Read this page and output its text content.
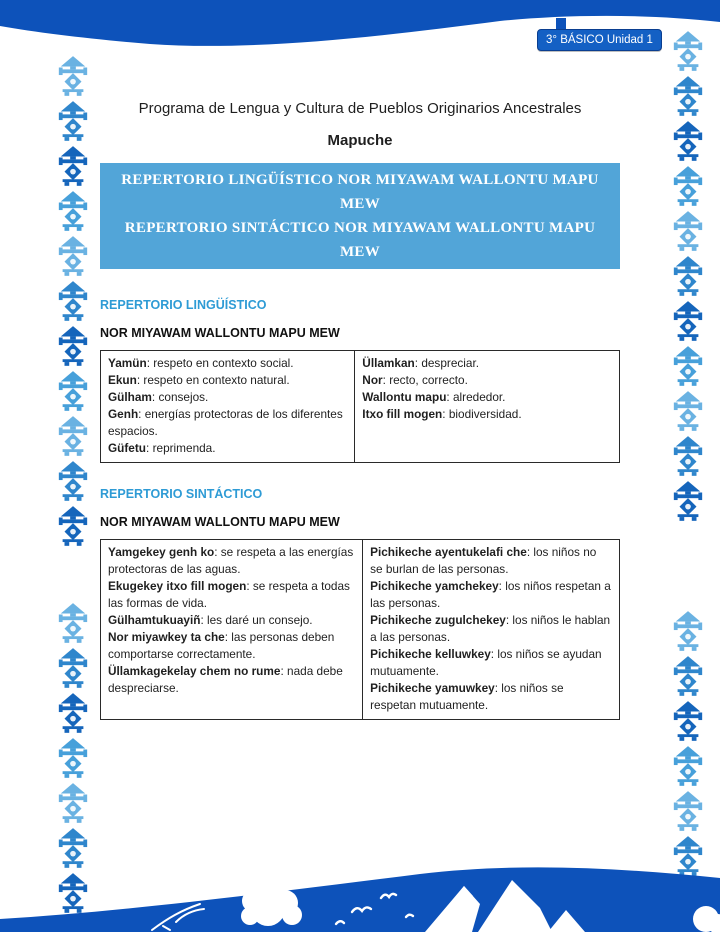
3° BÁSICO Unidad 1

Programa de Lengua y Cultura de Pueblos Originarios Ancestrales

Mapuche

REPERTORIO LINGÜÍSTICO NOR MIYAWAM WALLONTU MAPU MEW
REPERTORIO SINTÁCTICO NOR MIYAWAM WALLONTU MAPU MEW
REPERTORIO LINGÜÍSTICO
NOR MIYAWAM WALLONTU MAPU MEW
Yamün: respeto en contexto social.
Ekun: respeto en contexto natural.
Gülham: consejos.
Genh: energías protectoras de los diferentes espacios.
Güfetu: reprimenda.

Üllamkan: despreciar.
Nor: recto, correcto.
Wallontu mapu: alrededor.
Itxo fill mogen: biodiversidad.
REPERTORIO SINTÁCTICO
NOR MIYAWAM WALLONTU MAPU MEW
Yamgekey genh ko: se respeta a las energías protectoras de las aguas.
Ekugekey itxo fill mogen: se respeta a todas las formas de vida.
Gülhamtukuayiñ: les daré un consejo.
Nor miyawkey ta che: las personas deben comportarse correctamente.
Üllamkagekelay chem no rume: nada debe despreciarse.

Pichikeche ayentukelafi che: los niños no se burlan de las personas.
Pichikeche yamchekey: los niños respetan a las personas.
Pichikeche zugulchekey: los niños le hablan a las personas.
Pichikeche kelluwkey: los niños se ayudan mutuamente.
Pichikeche yamuwkey: los niños se respetan mutuamente.
